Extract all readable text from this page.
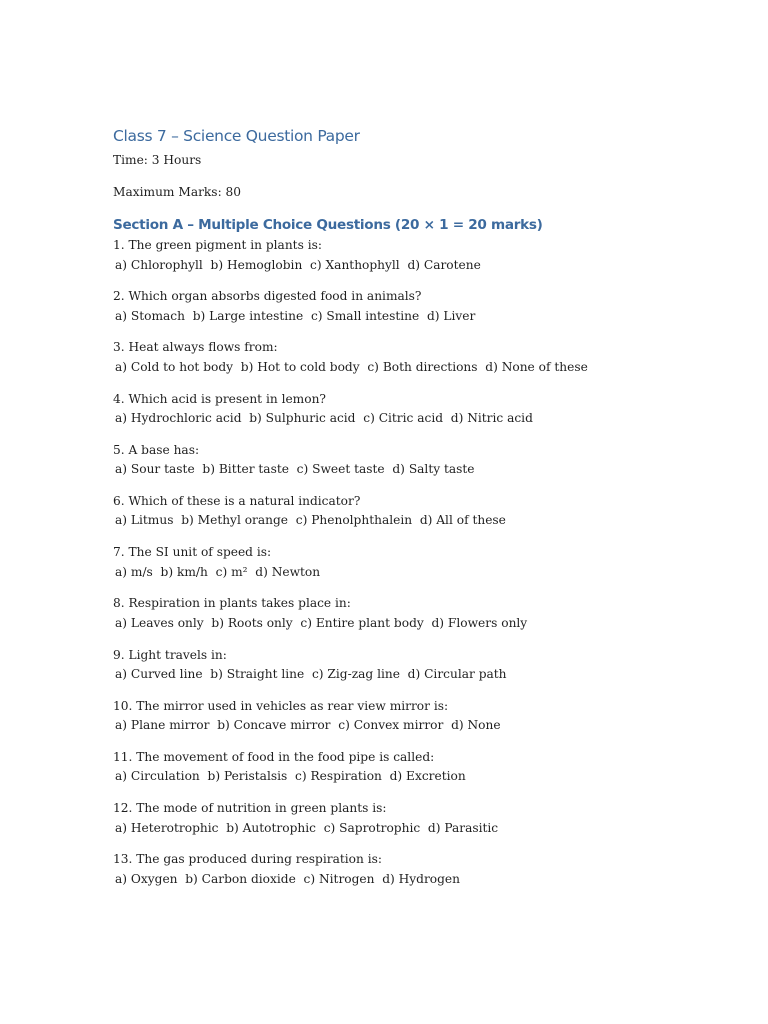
Class 7 – Science Question Paper

Time: 3 Hours

Maximum Marks: 80

Section A – Multiple Choice Questions (20 × 1 = 20 marks)
1. The green pigment in plants is:
a) Chlorophyll  b) Hemoglobin  c) Xanthophyll  d) Carotene
2. Which organ absorbs digested food in animals?
a) Stomach  b) Large intestine  c) Small intestine  d) Liver
3. Heat always flows from:
a) Cold to hot body  b) Hot to cold body  c) Both directions  d) None of these
4. Which acid is present in lemon?
a) Hydrochloric acid  b) Sulphuric acid  c) Citric acid  d) Nitric acid
5. A base has:
a) Sour taste  b) Bitter taste  c) Sweet taste  d) Salty taste
6. Which of these is a natural indicator?
a) Litmus  b) Methyl orange  c) Phenolphthalein  d) All of these
7. The SI unit of speed is:
a) m/s  b) km/h  c) m²  d) Newton
8. Respiration in plants takes place in:
a) Leaves only  b) Roots only  c) Entire plant body  d) Flowers only
9. Light travels in:
a) Curved line  b) Straight line  c) Zig-zag line  d) Circular path
10. The mirror used in vehicles as rear view mirror is:
a) Plane mirror  b) Concave mirror  c) Convex mirror  d) None
11. The movement of food in the food pipe is called:
a) Circulation  b) Peristalsis  c) Respiration  d) Excretion
12. The mode of nutrition in green plants is:
a) Heterotrophic  b) Autotrophic  c) Saprotrophic  d) Parasitic
13. The gas produced during respiration is:
a) Oxygen  b) Carbon dioxide  c) Nitrogen  d) Hydrogen
